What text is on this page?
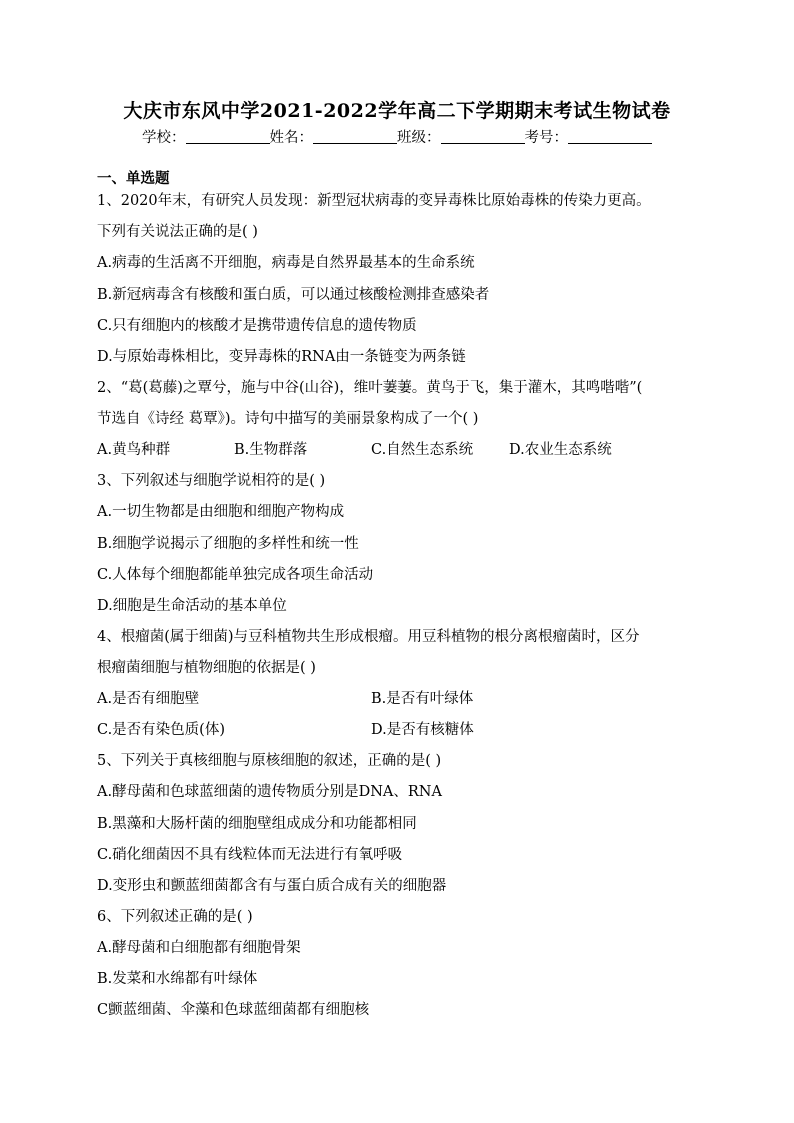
大庆市东风中学2021-2022学年高二下学期期末考试生物试卷
学校：	姓名：	班级：	考号：
一、单选题
1、2020年末，有研究人员发现：新型冠状病毒的变异毒株比原始毒株的传染力更高。
下列有关说法正确的是( )
A.病毒的生活离不开细胞，病毒是自然界最基本的生命系统
B.新冠病毒含有核酸和蛋白质，可以通过核酸检测排查感染者
C.只有细胞内的核酸才是携带遗传信息的遗传物质
D.与原始毒株相比，变异毒株的RNA由一条链变为两条链
2、“葛(葛藤)之覃兮，施与中谷(山谷)，维叶萋萋。黄鸟于飞，集于灌木，其鸣喈喈”(
节选自《诗经 葛覃》)。诗句中描写的美丽景象构成了一个( )
A.黄鸟种群	B.生物群落	C.自然生态系统 D.农业生态系统
3、下列叙述与细胞学说相符的是( )
A.一切生物都是由细胞和细胞产物构成
B.细胞学说揭示了细胞的多样性和统一性
C.人体每个细胞都能单独完成各项生命活动
D.细胞是生命活动的基本单位
4、根瘤菌(属于细菌)与豆科植物共生形成根瘤。用豆科植物的根分离根瘤菌时，区分
根瘤菌细胞与植物细胞的依据是( )
A.是否有细胞壁	B.是否有叶绿体
C.是否有染色质(体)	D.是否有核糖体
5、下列关于真核细胞与原核细胞的叙述，正确的是( )
A.酵母菌和色球蓝细菌的遗传物质分别是DNA、RNA
B.黑藻和大肠杆菌的细胞壁组成成分和功能都相同
C.硝化细菌因不具有线粒体而无法进行有氧呼吸
D.变形虫和颤蓝细菌都含有与蛋白质合成有关的细胞器
6、下列叙述正确的是( )
A.酵母菌和白细胞都有细胞骨架
B.发菜和水绵都有叶绿体
C颤蓝细菌、伞藻和色球蓝细菌都有细胞核
